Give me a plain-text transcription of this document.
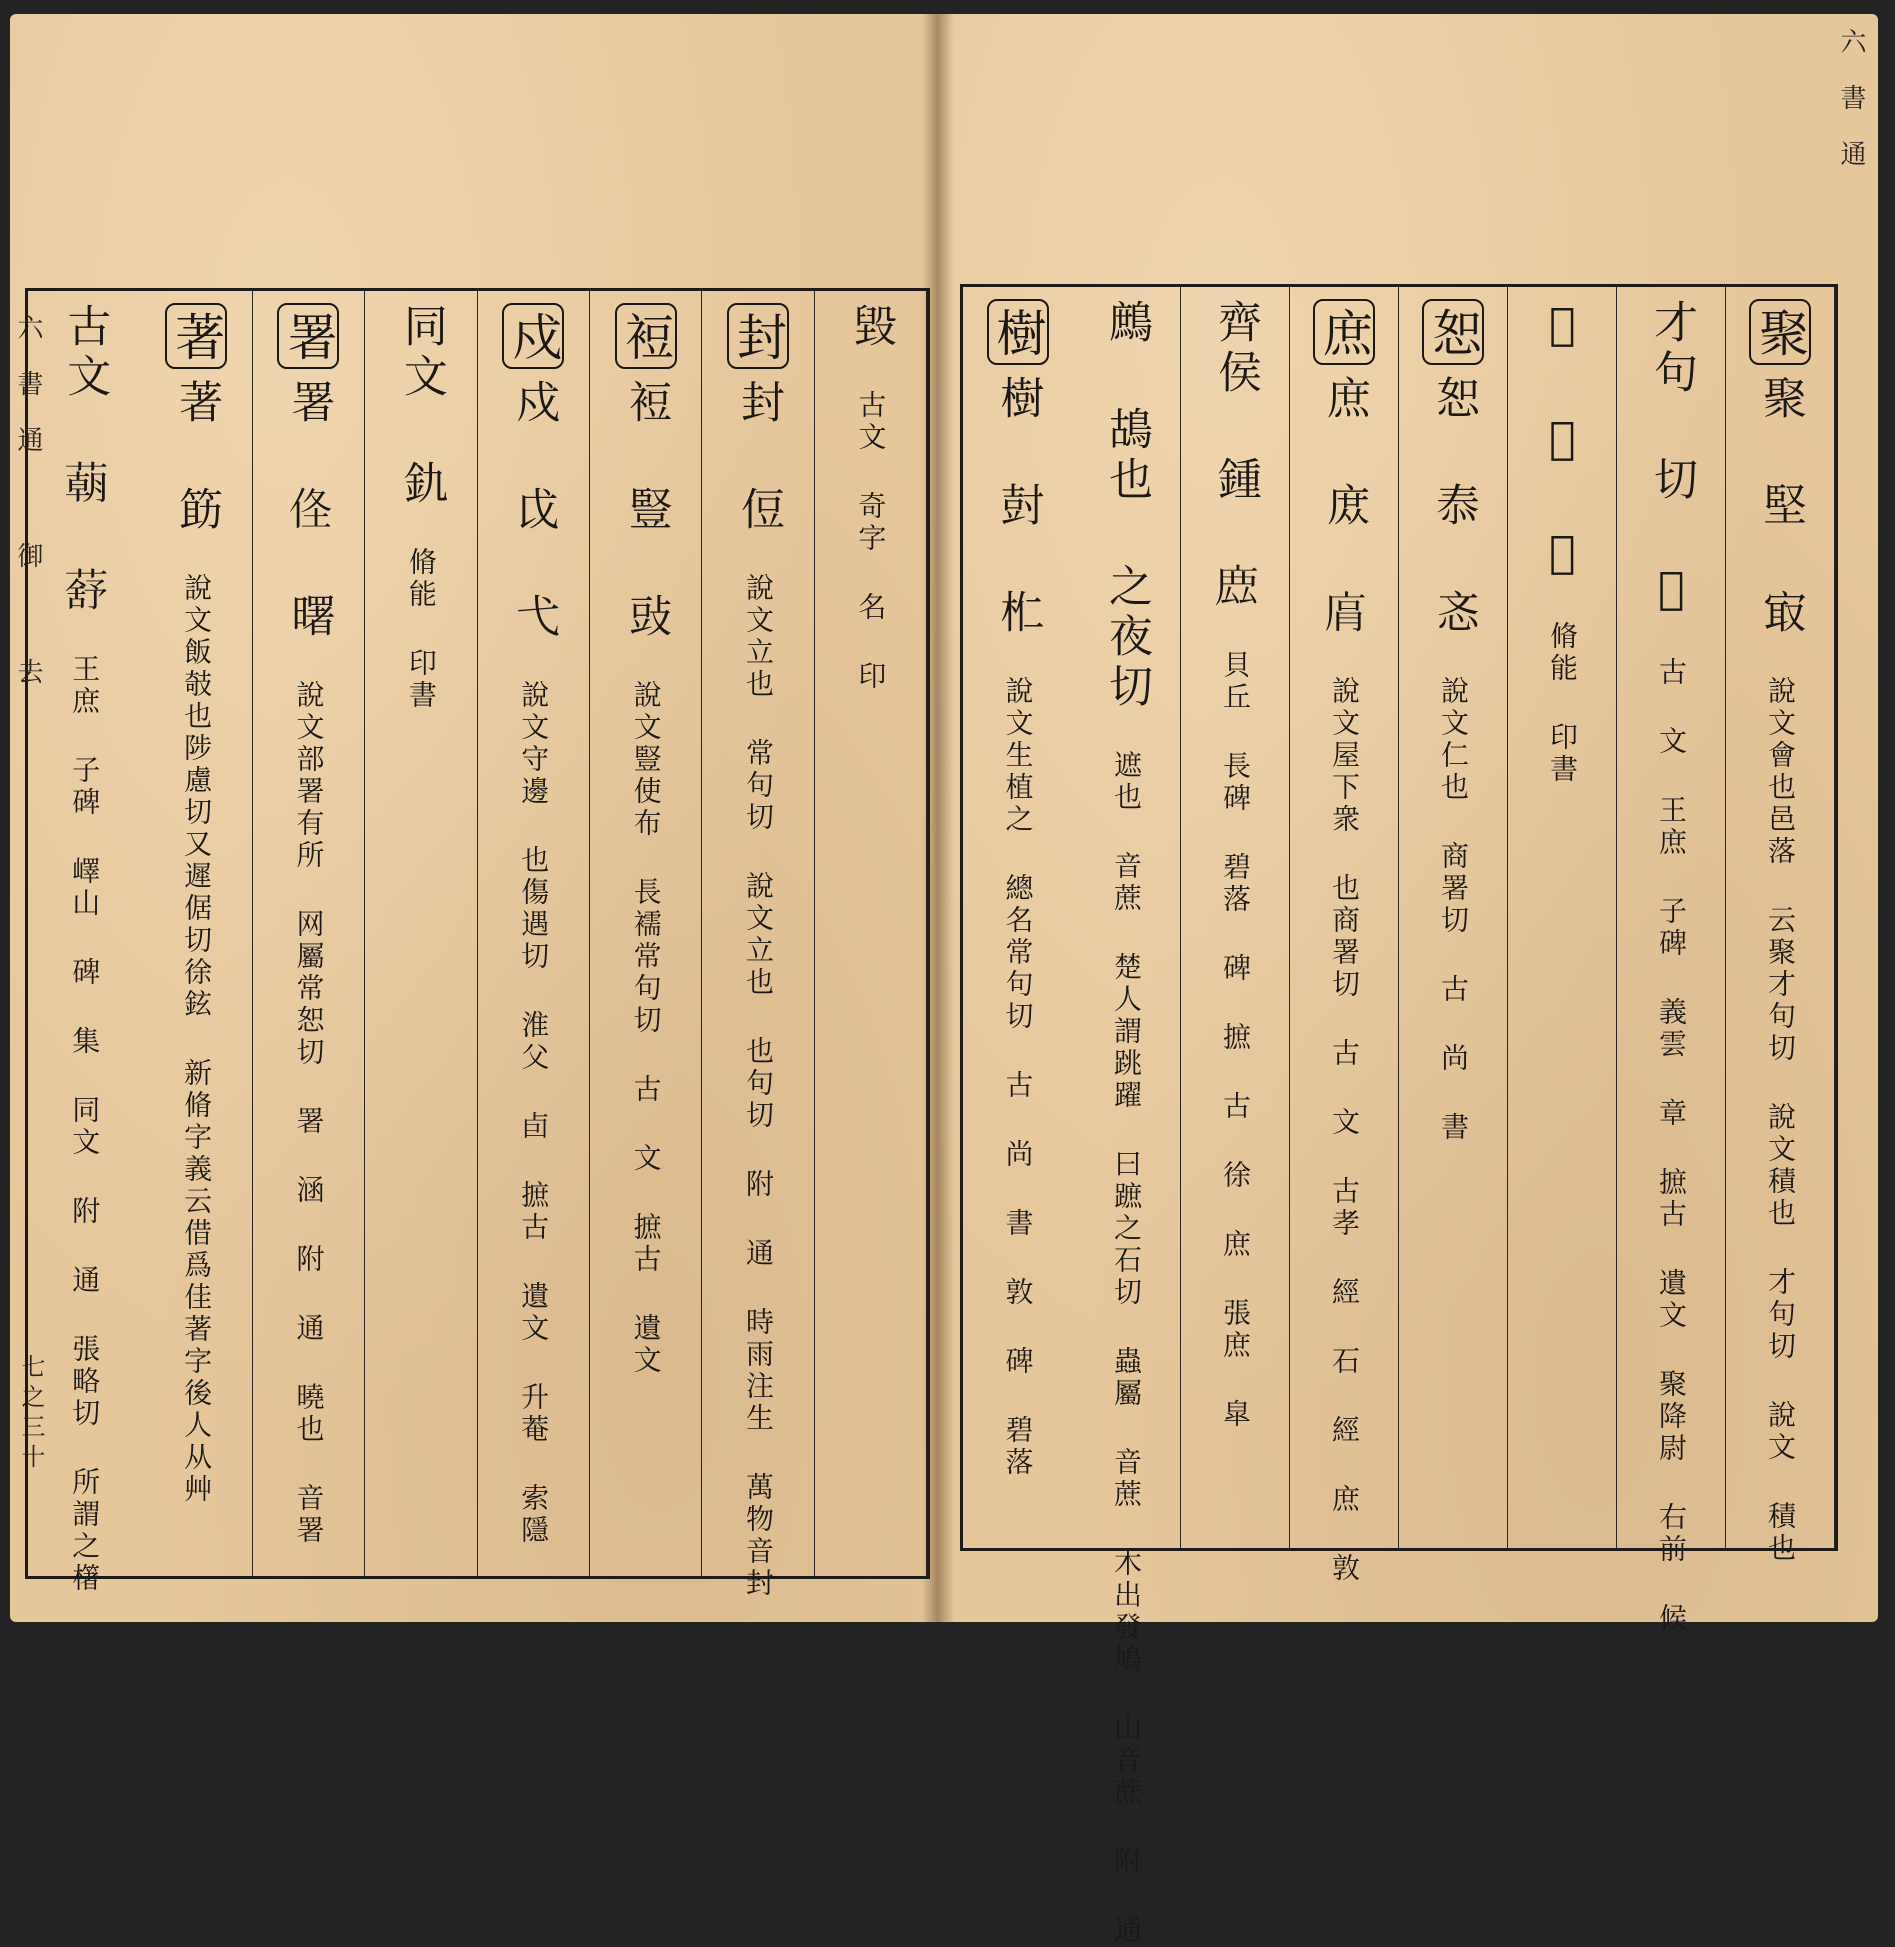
六書通 御 去
七之三十
六書通
毀 古文 奇字 名 印
封封 侸 說文立也 常句切 說文立也 也句切 附 通 時雨注生 萬物音封
裋裋 豎 䜴 說文豎使布 長襦常句切 古 文 摭古 遺文
戍戍 戉 弋 說文守邊 也傷遇切 淮父 卣 摭古 遺文 升菴 索隱
同文 釚 脩能 印書
署署 𠈬 曙 說文部署有所 网屬常恕切 署 涵 附 通 曉也 音署
著著 筯 說文飯攲也陟慮切又遲倨切徐鉉 新脩字義云借爲佳著字後人从艸
古文 𦺓 𦺗 王庶 子碑 嶧山 碑 集 同文 附 通 張略切 所謂之櫡
聚聚 堅 㝡 說文會也邑落 云聚才句切 說文積也 才句切 說文 積也
才句 切 𠬸 古 文 王庶 子碑 義雲 章 摭古 遺文 聚降尉 右前 候
𠬸 茶 聚 脩能 印書
恕恕 㤗 忞 說文仁也 商署切 古 尚 書
庶庶 庻 𢈋 說文屋下衆 也商署切 古 文 古孝 經 石 經 庶 敦
齊侯 鍾 𢉖 貝丘 長碑 碧落 碑 摭 古 徐 庶 張庶 皐
鷓 鴣也 之夜切 遮也 音蔗 楚人謂跳躍 曰蹠之石切 蟲屬 音蔗 木出發鳩 山音蔗 附 通
樹樹 尌 𣏴 說文生植之 總名常句切 古 尚 書 敦 碑 碧落
